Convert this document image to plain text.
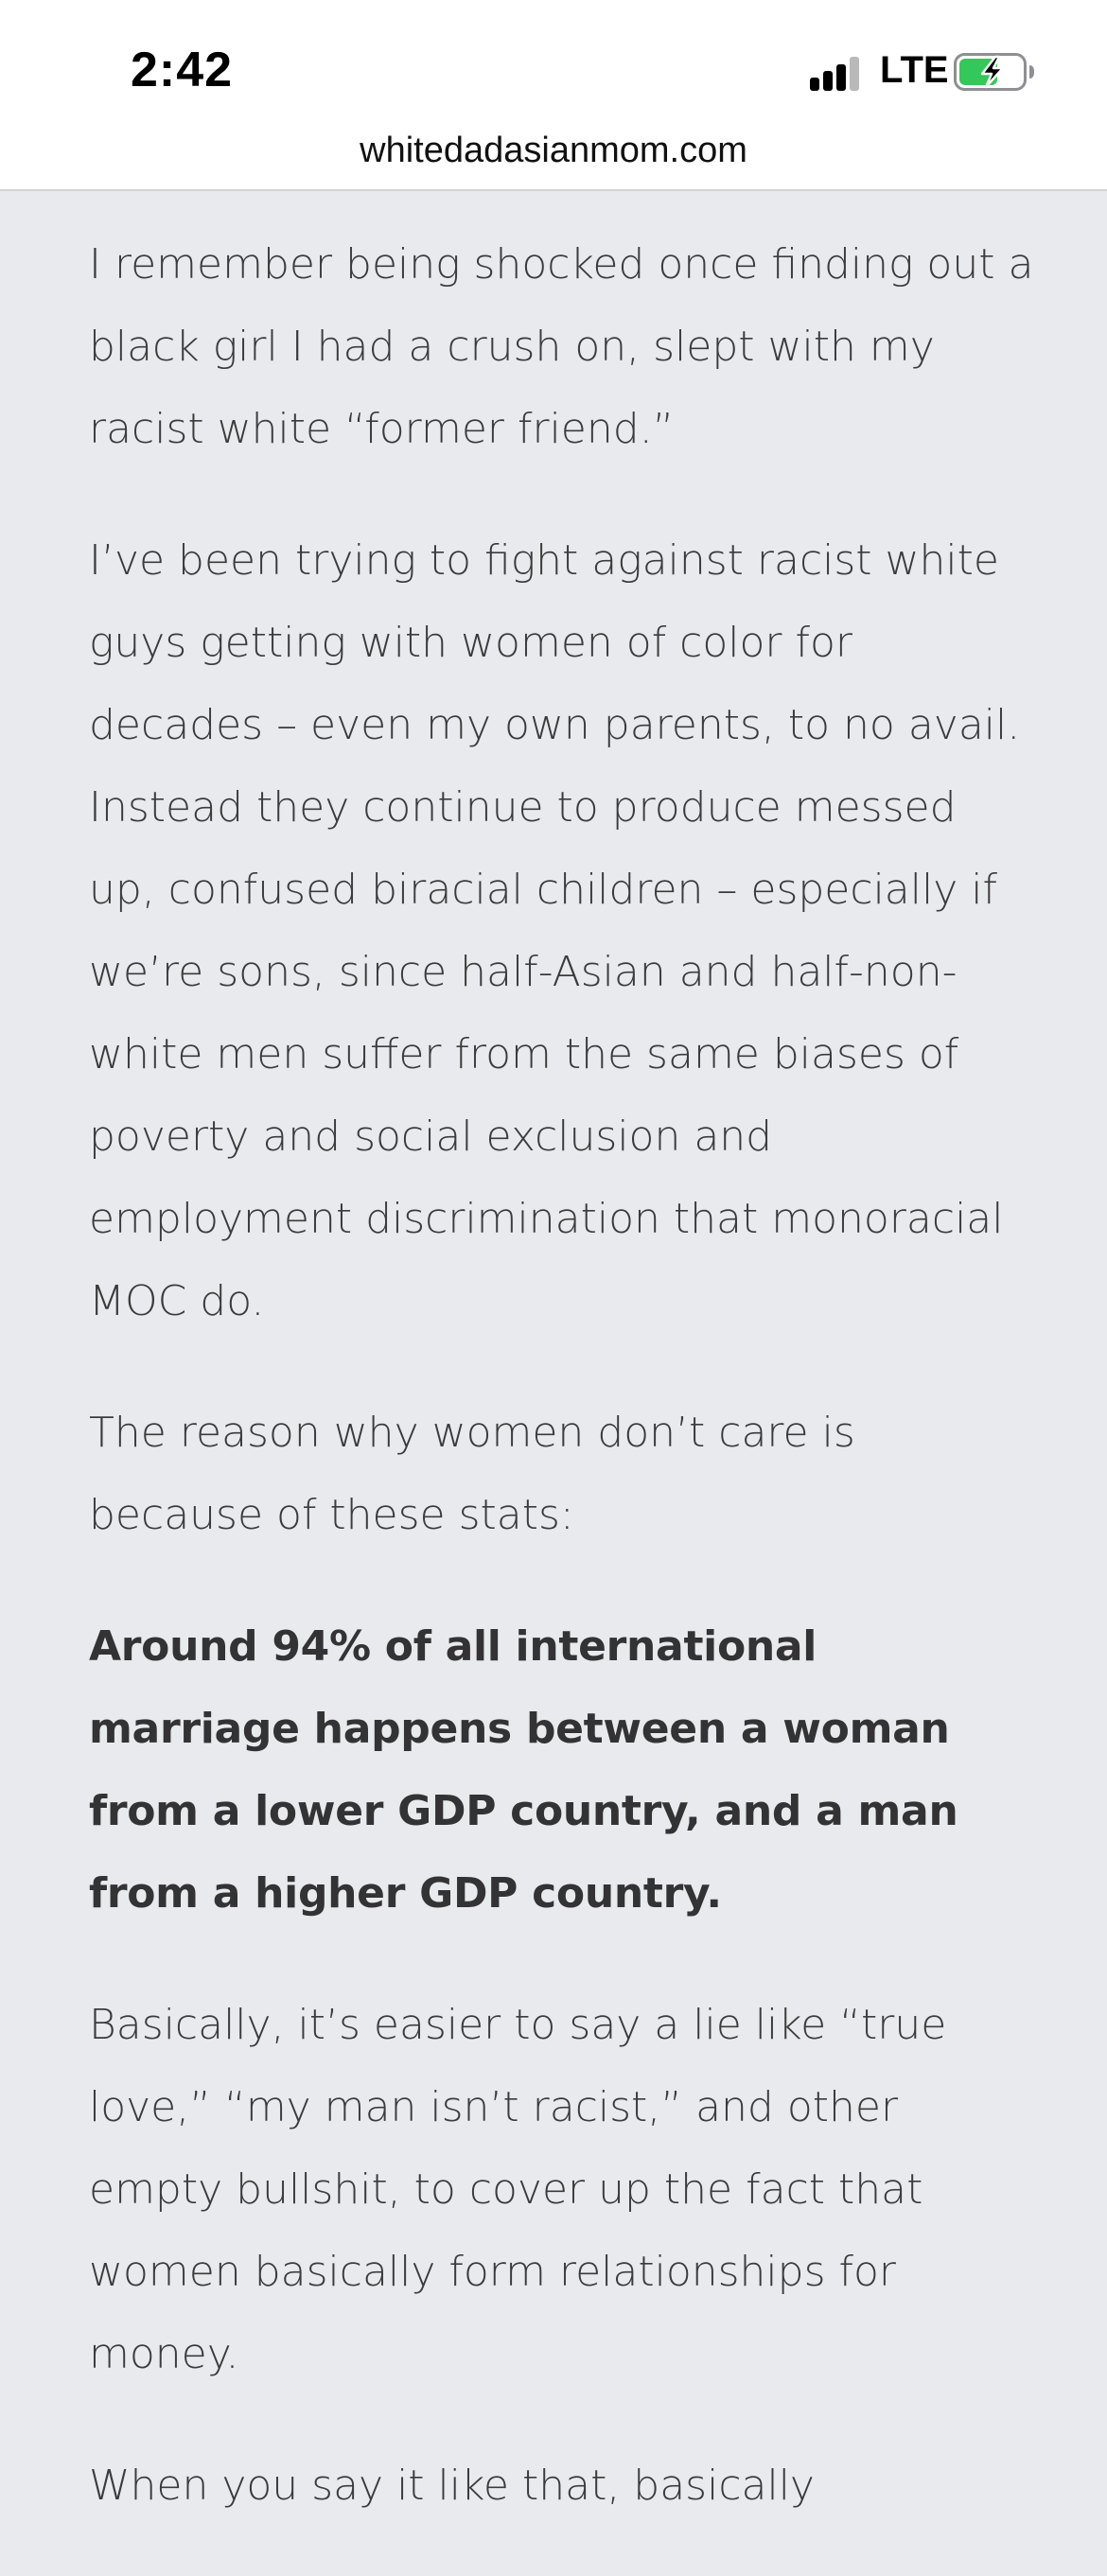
2:42	LTE
whitedadasianmom.com

I remember being shocked once finding out a black girl I had a crush on, slept with my racist white “former friend.”

I’ve been trying to fight against racist white guys getting with women of color for decades – even my own parents, to no avail. Instead they continue to produce messed up, confused biracial children – especially if we’re sons, since half-Asian and half-non-white men suffer from the same biases of poverty and social exclusion and employment discrimination that monoracial MOC do.

The reason why women don’t care is because of these stats:

Around 94% of all international marriage happens between a woman from a lower GDP country, and a man from a higher GDP country.

Basically, it’s easier to say a lie like “true love,” “my man isn’t racist,” and other empty bullshit, to cover up the fact that women basically form relationships for money.

When you say it like that, basically
